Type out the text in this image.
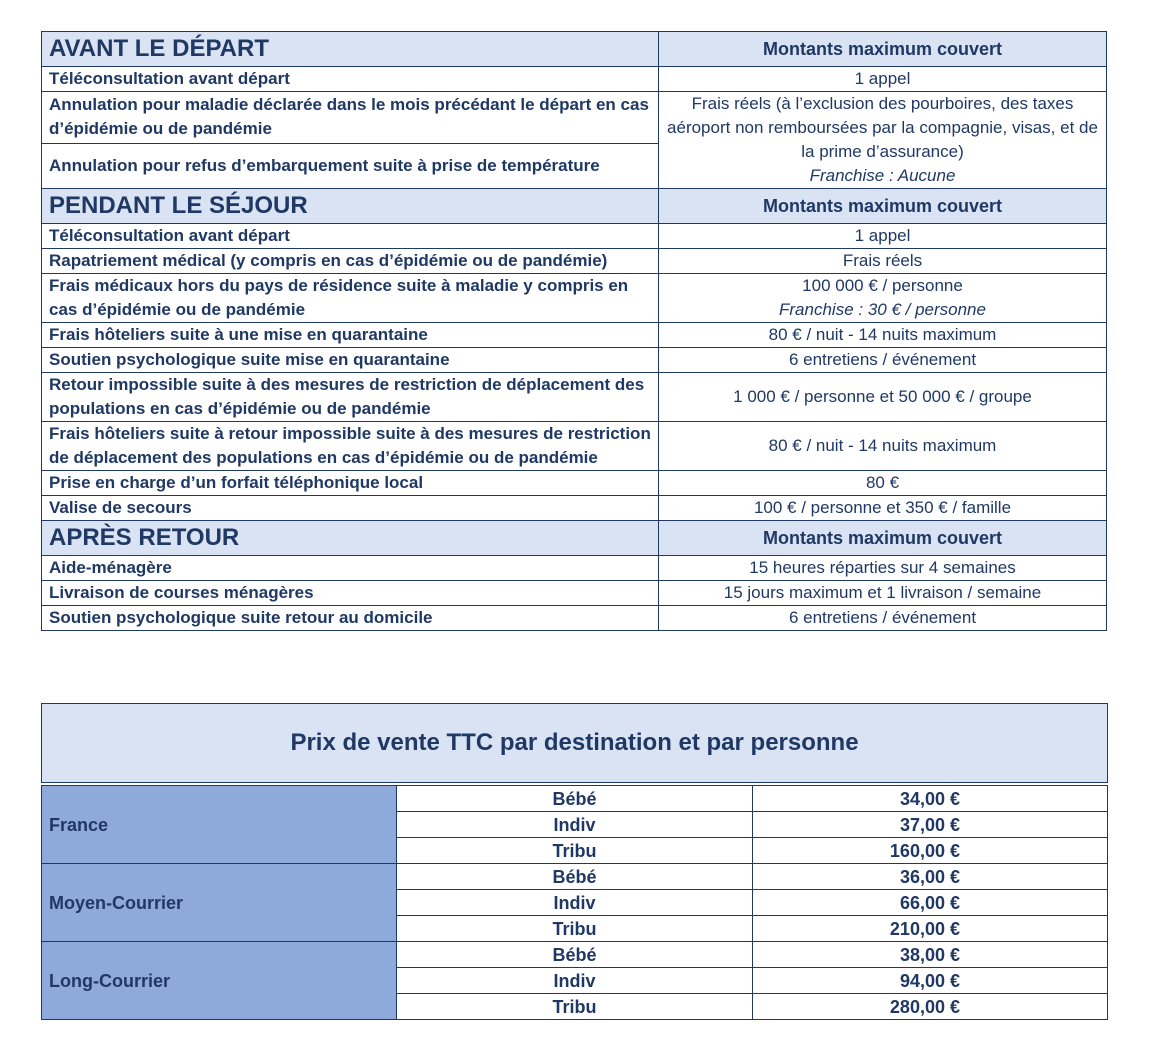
AVANT LE DÉPART	Montants maximum couvert
Téléconsultation avant départ	1 appel
Annulation pour maladie déclarée dans le mois précédant le départ en cas d’épidémie ou de pandémie	Frais réels (à l’exclusion des pourboires, des taxes aéroport non remboursées par la compagnie, visas, et de la prime d’assurance)
Franchise : Aucune

Annulation pour refus d’embarquement suite à prise de température	
PENDANT LE SÉJOUR	Montants maximum couvert
Téléconsultation avant départ	1 appel
Rapatriement médical (y compris en cas d’épidémie ou de pandémie)	Frais réels
Frais médicaux hors du pays de résidence suite à maladie y compris en cas d’épidémie ou de pandémie	100 000 € / personne
Franchise : 30 € / personne

Frais hôteliers suite à une mise en quarantaine	80 € / nuit - 14 nuits maximum
Soutien psychologique suite mise en quarantaine	6 entretiens / événement
Retour impossible suite à des mesures de restriction de déplacement des populations en cas d’épidémie ou de pandémie	1 000 € / personne et 50 000 € / groupe
Frais hôteliers suite à retour impossible suite à des mesures de restriction de déplacement des populations en cas d’épidémie ou de pandémie	80 € / nuit - 14 nuits maximum
Prise en charge d’un forfait téléphonique local	80 €
Valise de secours	100 € / personne et 350 € / famille
APRÈS RETOUR	Montants maximum couvert
Aide-ménagère	15 heures réparties sur 4 semaines
Livraison de courses ménagères	15 jours maximum et 1 livraison / semaine
Soutien psychologique suite retour au domicile	6 entretiens / événement
Prix de vente TTC par destination et par personne		

France	Bébé	34,00 €
	Indiv	37,00 €
	Tribu	160,00 €
Moyen-Courrier	Bébé	36,00 €
	Indiv	66,00 €
	Tribu	210,00 €
Long-Courrier	Bébé	38,00 €
	Indiv	94,00 €
	Tribu	280,00 €
